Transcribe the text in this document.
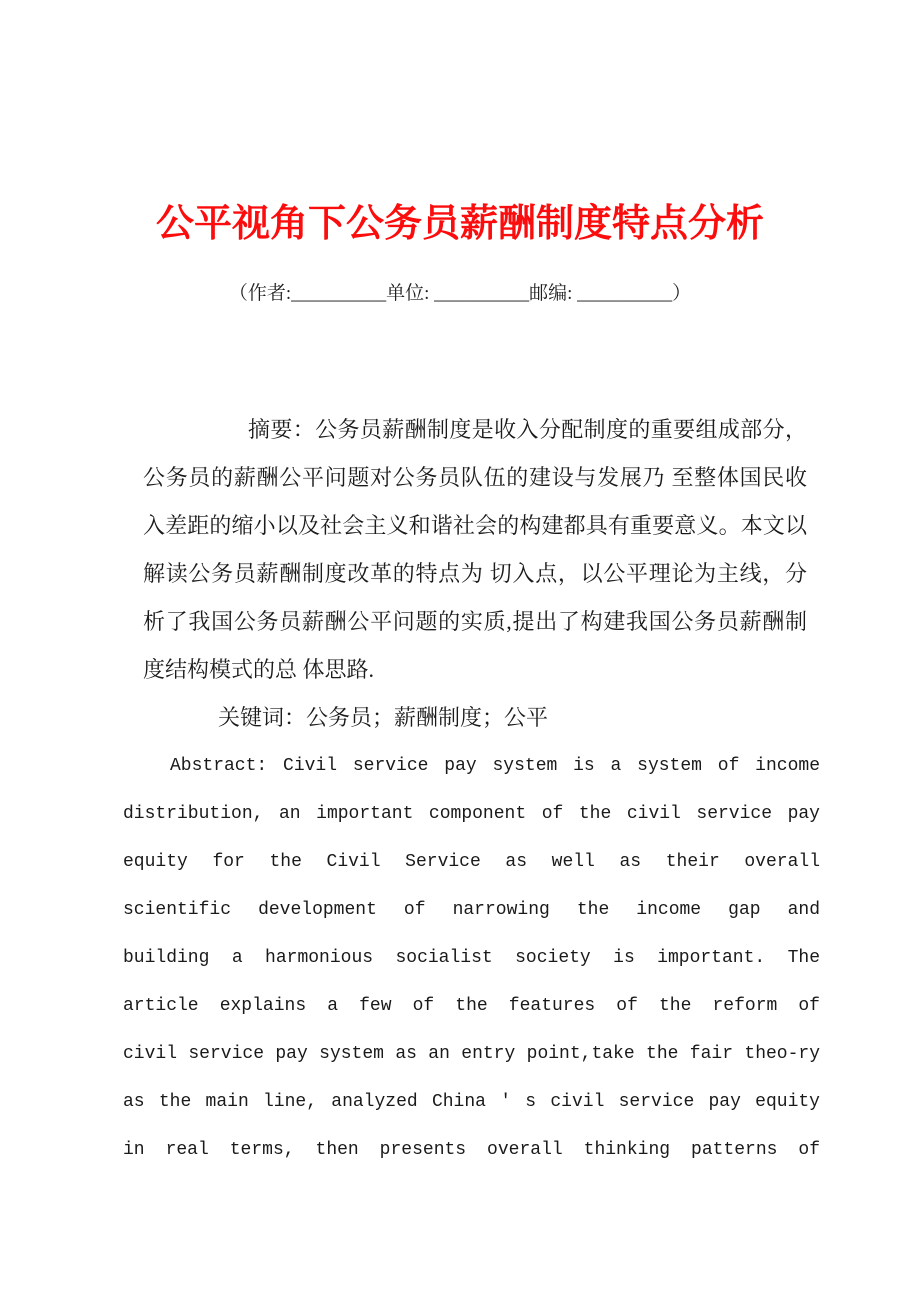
公平视角下公务员薪酬制度特点分析
（作者:__________单位: __________邮编: __________）
摘要：公务员薪酬制度是收入分配制度的重要组成部分，
公务员的薪酬公平问题对公务员队伍的建设与发展乃 至整体国民收
入差距的缩小以及社会主义和谐社会的构建都具有重要意义。本文以
解读公务员薪酬制度改革的特点为 切入点，以公平理论为主线，分
析了我国公务员薪酬公平问题的实质,提出了构建我国公务员薪酬制
度结构模式的总 体思路.
关键词：公务员；薪酬制度；公平
Abstract: Civil service pay system is a system of income
distribution, an important component of the civil service pay
equity for the Civil Service as well as their overall
scientific development of narrowing the income gap and
building a harmonious socialist society is important. The
article explains a few of the features of the reform of
civil service pay system as an entry point,take the fair theo-ry
as the main line, analyzed China ' s civil service pay equity
in real terms, then presents overall thinking patterns of
